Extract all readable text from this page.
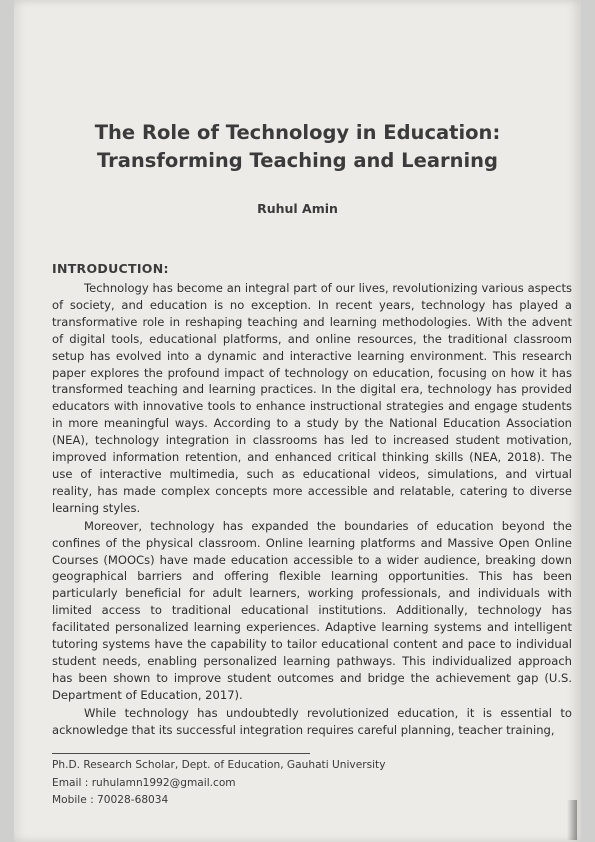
The Role of Technology in Education:
Transforming Teaching and Learning
Ruhul Amin
INTRODUCTION:

Technology has become an integral part of our lives, revolutionizing various aspects of society, and education is no exception. In recent years, technology has played a transformative role in reshaping teaching and learning methodologies. With the advent of digital tools, educational platforms, and online resources, the traditional classroom setup has evolved into a dynamic and interactive learning environment. This research paper explores the profound impact of technology on education, focusing on how it has transformed teaching and learning practices. In the digital era, technology has provided educators with innovative tools to enhance instructional strategies and engage students in more meaningful ways. According to a study by the National Education Association (NEA), technology integration in classrooms has led to increased student motivation, improved information retention, and enhanced critical thinking skills (NEA, 2018). The use of interactive multimedia, such as educational videos, simulations, and virtual reality, has made complex concepts more accessible and relatable, catering to diverse learning styles.

Moreover, technology has expanded the boundaries of education beyond the confines of the physical classroom. Online learning platforms and Massive Open Online Courses (MOOCs) have made education accessible to a wider audience, breaking down geographical barriers and offering flexible learning opportunities. This has been particularly beneficial for adult learners, working professionals, and individuals with limited access to traditional educational institutions. Additionally, technology has facilitated personalized learning experiences. Adaptive learning systems and intelligent tutoring systems have the capability to tailor educational content and pace to individual student needs, enabling personalized learning pathways. This individualized approach has been shown to improve student outcomes and bridge the achievement gap (U.S. Department of Education, 2017).

While technology has undoubtedly revolutionized education, it is essential to acknowledge that its successful integration requires careful planning, teacher training,

Ph.D. Research Scholar, Dept. of Education, Gauhati University
Email : ruhulamn1992@gmail.com
Mobile : 70028-68034
